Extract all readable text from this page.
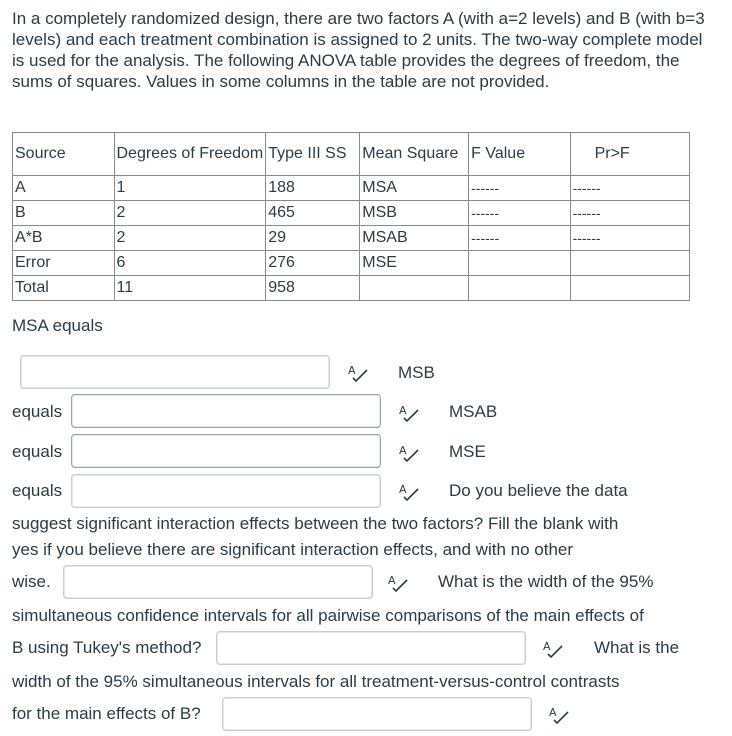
In a completely randomized design, there are two factors A (with a=2 levels) and B (with b=3 levels) and each treatment combination is assigned to 2 units. The two-way complete model is used for the analysis. The following ANOVA table provides the degrees of freedom, the sums of squares. Values in some columns in the table are not provided.
Source	Degrees of Freedom	Type III SS	Mean Square	F Value	Pr>F
A	1	188	MSA	------	------
B	2	465	MSB	------	------
A*B	2	29	MSAB	------	------
Error	6	276	MSE		
Total	11	958			
MSA equals
A MSB
equals	A MSAB
equals	A MSE
equals	A Do you believe the data
suggest significant interaction effects between the two factors? Fill the blank with
yes if you believe there are significant interaction effects, and with no other
wise.	A What is the width of the 95%
simultaneous confidence intervals for all pairwise comparisons of the main effects of
B using Tukey's method?	A	What is the
width of the 95% simultaneous intervals for all treatment-versus-control contrasts
for the main effects of B?	A
